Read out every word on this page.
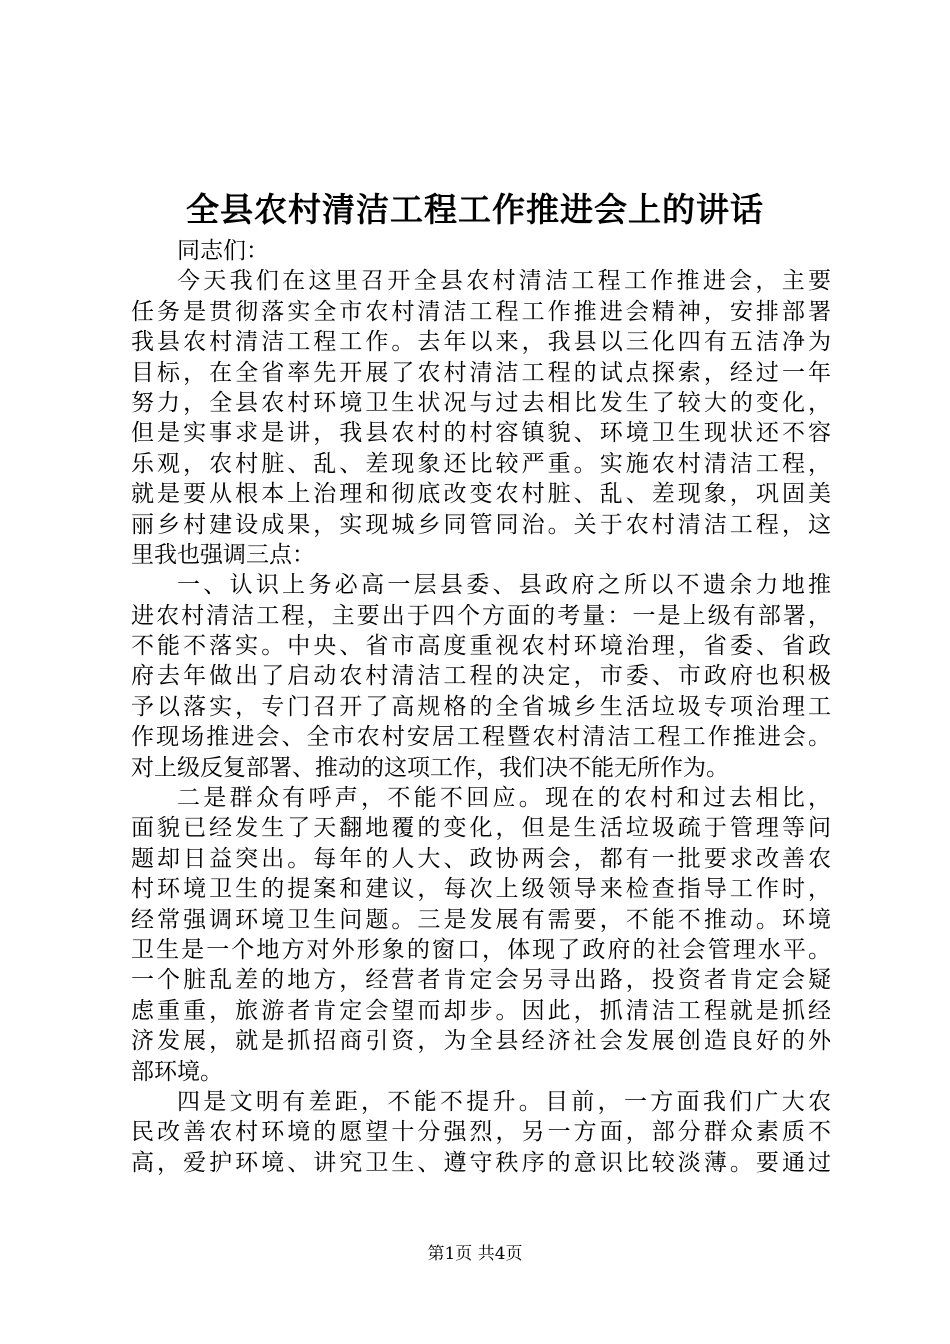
全县农村清洁工程工作推进会上的讲话

同志们：

今天我们在这里召开全县农村清洁工程工作推进会，主要

任务是贯彻落实全市农村清洁工程工作推进会精神，安排部署

我县农村清洁工程工作。去年以来，我县以三化四有五洁净为

目标，在全省率先开展了农村清洁工程的试点探索，经过一年

努力，全县农村环境卫生状况与过去相比发生了较大的变化，

但是实事求是讲，我县农村的村容镇貌、环境卫生现状还不容

乐观，农村脏、乱、差现象还比较严重。实施农村清洁工程，

就是要从根本上治理和彻底改变农村脏、乱、差现象，巩固美

丽乡村建设成果，实现城乡同管同治。关于农村清洁工程，这

里我也强调三点：

一、认识上务必高一层县委、县政府之所以不遗余力地推

进农村清洁工程，主要出于四个方面的考量：一是上级有部署，

不能不落实。中央、省市高度重视农村环境治理，省委、省政

府去年做出了启动农村清洁工程的决定，市委、市政府也积极

予以落实，专门召开了高规格的全省城乡生活垃圾专项治理工

作现场推进会、全市农村安居工程暨农村清洁工程工作推进会。

对上级反复部署、推动的这项工作，我们决不能无所作为。

二是群众有呼声，不能不回应。现在的农村和过去相比，

面貌已经发生了天翻地覆的变化，但是生活垃圾疏于管理等问

题却日益突出。每年的人大、政协两会，都有一批要求改善农

村环境卫生的提案和建议，每次上级领导来检查指导工作时，

经常强调环境卫生问题。三是发展有需要，不能不推动。环境

卫生是一个地方对外形象的窗口，体现了政府的社会管理水平。

一个脏乱差的地方，经营者肯定会另寻出路，投资者肯定会疑

虑重重，旅游者肯定会望而却步。因此，抓清洁工程就是抓经

济发展，就是抓招商引资，为全县经济社会发展创造良好的外

部环境。

四是文明有差距，不能不提升。目前，一方面我们广大农

民改善农村环境的愿望十分强烈，另一方面，部分群众素质不

高，爱护环境、讲究卫生、遵守秩序的意识比较淡薄。要通过

第1页 共4页
